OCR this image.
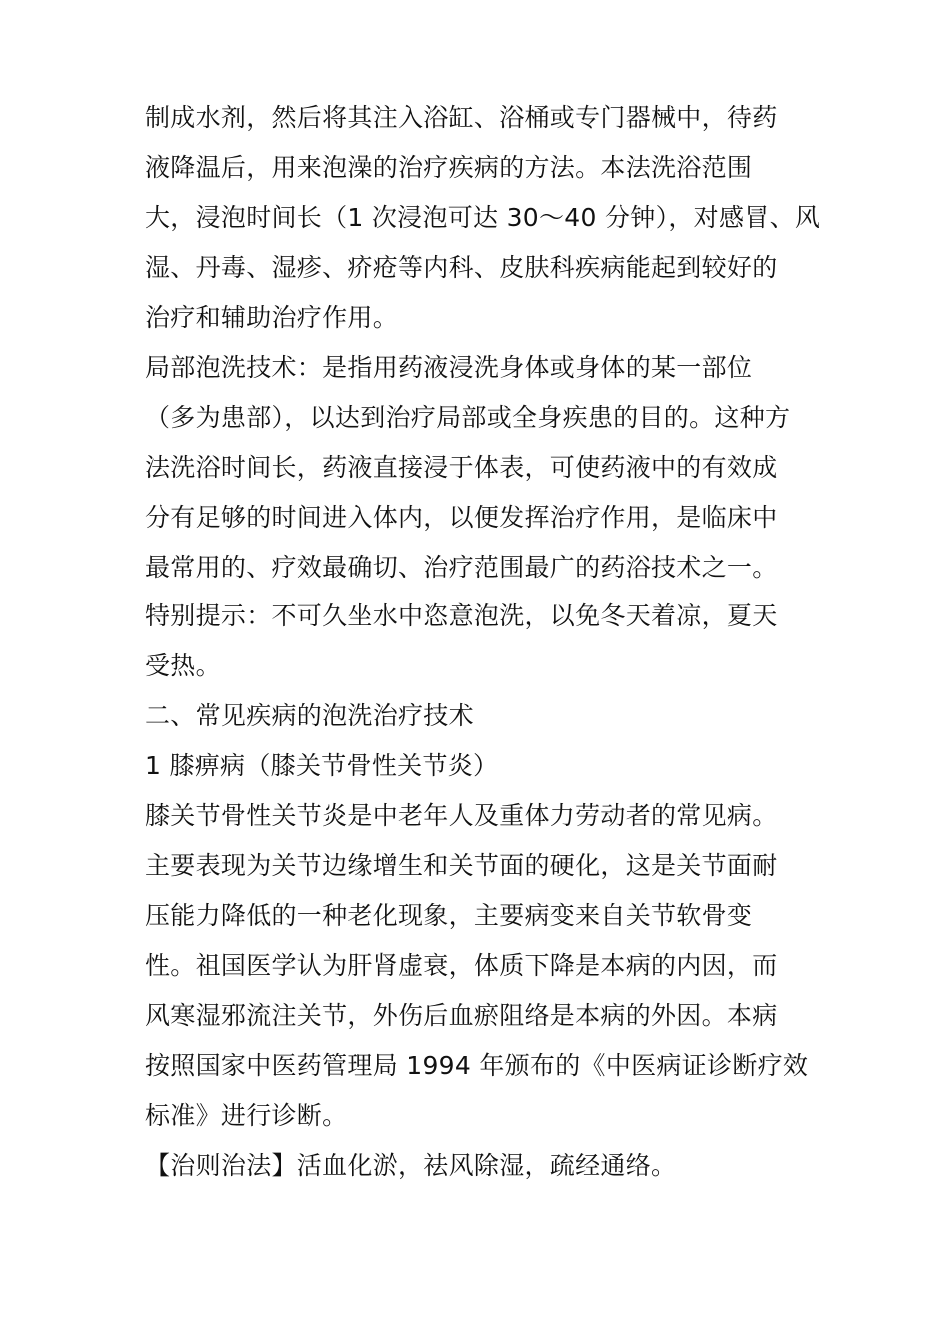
制成水剂，然后将其注入浴缸、浴桶或专门器械中，待药
液降温后，用来泡澡的治疗疾病的方法。本法洗浴范围
大，浸泡时间长（1 次浸泡可达 30～40 分钟），对感冒、风
湿、丹毒、湿疹、疥疮等内科、皮肤科疾病能起到较好的
治疗和辅助治疗作用。
局部泡洗技术：是指用药液浸洗身体或身体的某一部位
（多为患部），以达到治疗局部或全身疾患的目的。这种方
法洗浴时间长，药液直接浸于体表，可使药液中的有效成
分有足够的时间进入体内，以便发挥治疗作用，是临床中
最常用的、疗效最确切、治疗范围最广的药浴技术之一。
特别提示：不可久坐水中恣意泡洗，以免冬天着凉，夏天
受热。
二、常见疾病的泡洗治疗技术
1 膝痹病（膝关节骨性关节炎）
膝关节骨性关节炎是中老年人及重体力劳动者的常见病。
主要表现为关节边缘增生和关节面的硬化，这是关节面耐
压能力降低的一种老化现象，主要病变来自关节软骨变
性。祖国医学认为肝肾虚衰，体质下降是本病的内因，而
风寒湿邪流注关节，外伤后血瘀阻络是本病的外因。本病
按照国家中医药管理局 1994 年颁布的《中医病证诊断疗效
标准》进行诊断。
【治则治法】活血化淤，祛风除湿，疏经通络。
